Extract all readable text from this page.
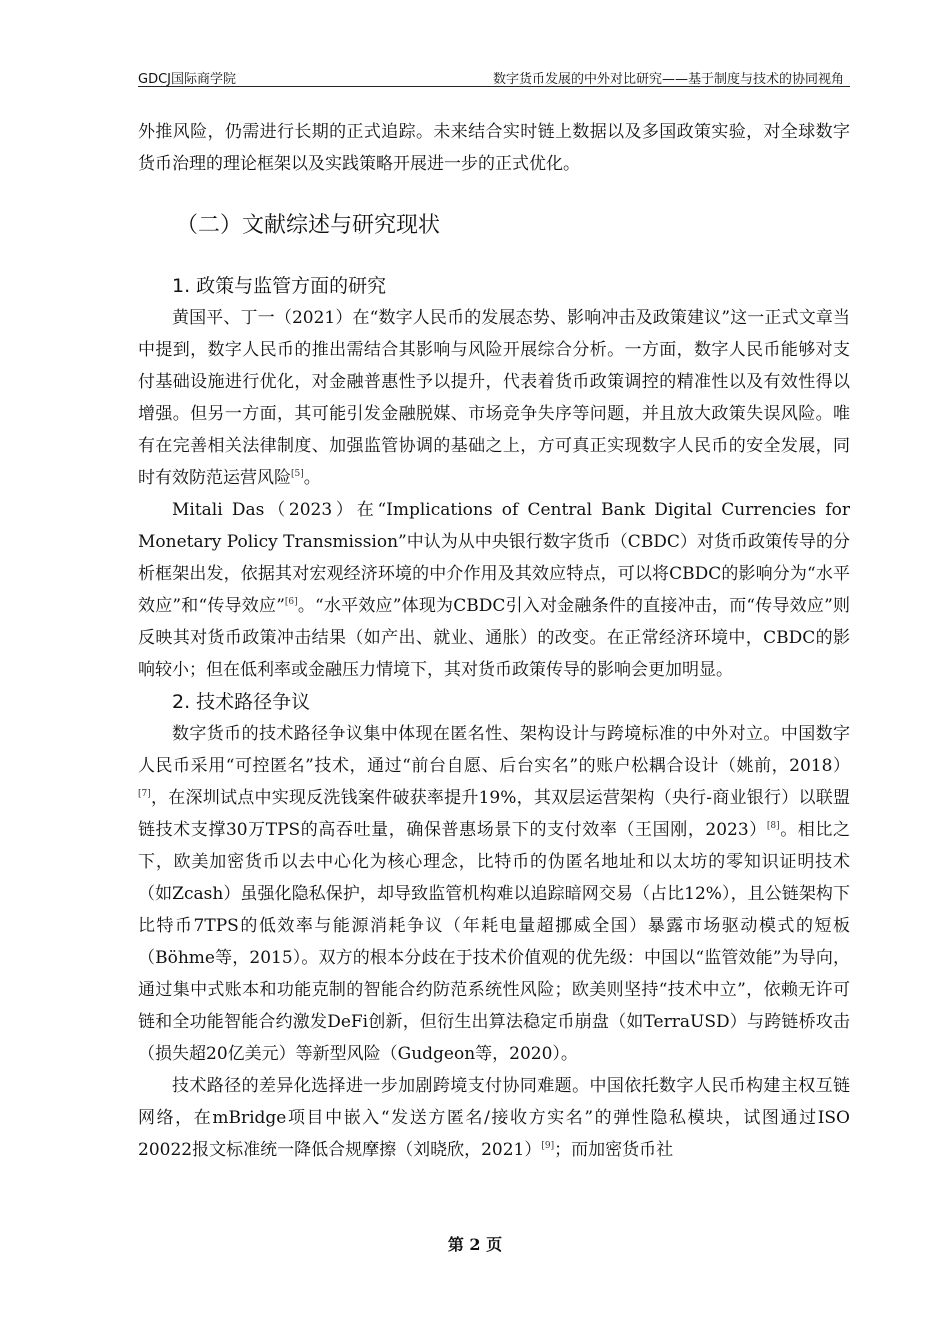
GDCJ国际商学院	数字货币发展的中外对比研究——基于制度与技术的协同视角

外推风险，仍需进行长期的正式追踪。未来结合实时链上数据以及多国政策实验，对全球数字货币治理的理论框架以及实践策略开展进一步的正式优化。

（二）文献综述与研究现状
1. 政策与监管方面的研究

黄国平、丁一（2021）在“数字人民币的发展态势、影响冲击及政策建议”这一正式文章当中提到，数字人民币的推出需结合其影响与风险开展综合分析。一方面，数字人民币能够对支付基础设施进行优化，对金融普惠性予以提升，代表着货币政策调控的精准性以及有效性得以增强。但另一方面，其可能引发金融脱媒、市场竞争失序等问题，并且放大政策失误风险。唯有在完善相关法律制度、加强监管协调的基础之上，方可真正实现数字人民币的安全发展，同时有效防范运营风险[5]。

Mitali Das（2023）在“Implications of Central Bank Digital Currencies for Monetary Policy Transmission”中认为从中央银行数字货币（CBDC）对货币政策传导的分析框架出发，依据其对宏观经济环境的中介作用及其效应特点，可以将CBDC的影响分为“水平效应”和“传导效应”[6]。“水平效应”体现为CBDC引入对金融条件的直接冲击，而“传导效应”则反映其对货币政策冲击结果（如产出、就业、通胀）的改变。在正常经济环境中，CBDC的影响较小；但在低利率或金融压力情境下，其对货币政策传导的影响会更加明显。

2. 技术路径争议

数字货币的技术路径争议集中体现在匿名性、架构设计与跨境标准的中外对立。中国数字人民币采用“可控匿名”技术，通过“前台自愿、后台实名”的账户松耦合设计（姚前，2018）[7]，在深圳试点中实现反洗钱案件破获率提升19%，其双层运营架构（央行-商业银行）以联盟链技术支撑30万TPS的高吞吐量，确保普惠场景下的支付效率（王国刚，2023）[8]。相比之下，欧美加密货币以去中心化为核心理念，比特币的伪匿名地址和以太坊的零知识证明技术（如Zcash）虽强化隐私保护，却导致监管机构难以追踪暗网交易（占比12%），且公链架构下比特币7TPS的低效率与能源消耗争议（年耗电量超挪威全国）暴露市场驱动模式的短板（Böhme等，2015）。双方的根本分歧在于技术价值观的优先级：中国以“监管效能”为导向，通过集中式账本和功能克制的智能合约防范系统性风险；欧美则坚持“技术中立”，依赖无许可链和全功能智能合约激发DeFi创新，但衍生出算法稳定币崩盘（如TerraUSD）与跨链桥攻击（损失超20亿美元）等新型风险（Gudgeon等，2020）。

技术路径的差异化选择进一步加剧跨境支付协同难题。中国依托数字人民币构建主权互链网络，在mBridge项目中嵌入“发送方匿名/接收方实名”的弹性隐私模块，试图通过ISO 20022报文标准统一降低合规摩擦（刘晓欣，2021）[9]；而加密货币社

第 2 页
